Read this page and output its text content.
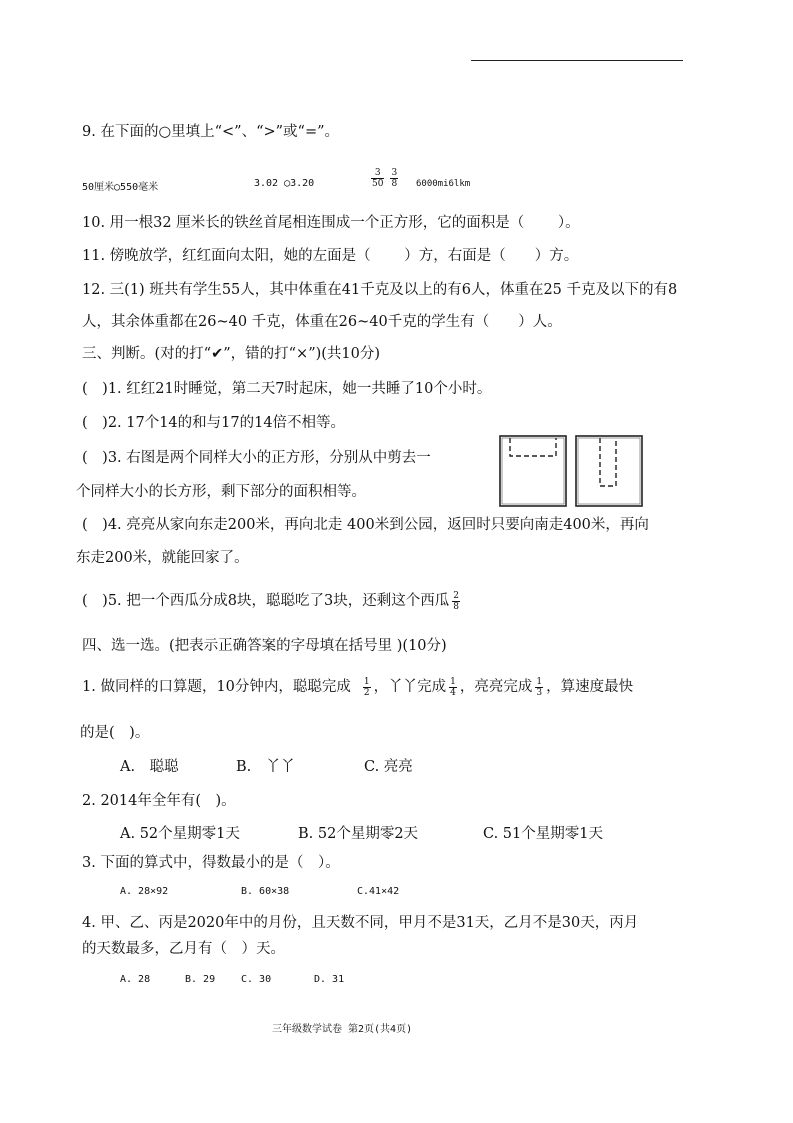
9. 在下面的○里填上“<”、“>”或“=”。
50厘米◯550毫米	3.02 ◯3.20	$\frac{3}{50} \frac{3}{8} 6000mi6lkm$
10. 用一根32 厘米长的铁丝首尾相连围成一个正方形，它的面积是（　　 ）。
11. 傍晚放学，红红面向太阳，她的左面是（　　 ）方，右面是（　　）方。
12. 三(1) 班共有学生55人，其中体重在41千克及以上的有6人，体重在25 千克及以下的有8
人，其余体重都在26~40 千克，体重在26~40千克的学生有（　　）人。
三、判断。(对的打“✔”，错的打“×”)(共10分)
(　)1. 红红21时睡觉，第二天7时起床，她一共睡了10个小时。
(　)2. 17个14的和与17的14倍不相等。
(　)3. 右图是两个同样大小的正方形，分别从中剪去一
个同样大小的长方形，剩下部分的面积相等。
(　)4. 亮亮从家向东走200米，再向北走 400米到公园，返回时只要向南走400米，再向
东走200米，就能回家了。
(　)5. 把一个西瓜分成8块，聪聪吃了3块，还剩这个西瓜 $\frac{2}{8}$
四、选一选。(把表示正确答案的字母填在括号里 )(10分)
1. 做同样的口算题，10分钟内，聪聪完成 $\frac{1}{2}$ ，丫丫完成 $\frac{1}{4}$ ，亮亮完成 $\frac{1}{3}$ ，算速度最快
的是(　)。
A.　聪聪	B.　丫丫	C. 亮亮
2. 2014年全年有(　)。
A. 52个星期零1天	B. 52个星期零2天	C. 51个星期零1天
3. 下面的算式中，得数最小的是（　）。
A. 28×92	B. 60×38	C.41×42
4. 甲、乙、丙是2020年中的月份，且天数不同，甲月不是31天，乙月不是30天，丙月
的天数最多，乙月有（　）天。
A. 28	B. 29	C. 30	D. 31
三年级数学试卷 第2页(共4页)
